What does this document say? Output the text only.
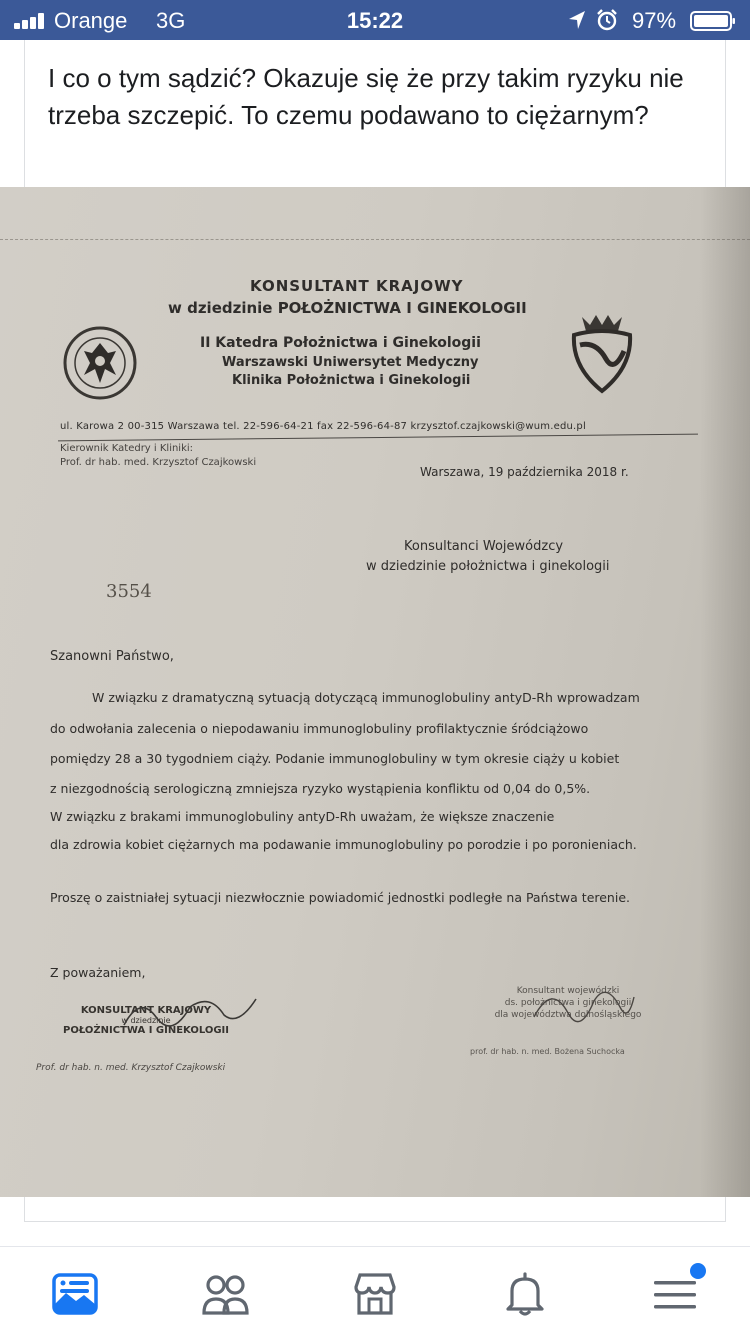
Orange 3G	15:22	97%
I co o tym sądzić? Okazuje się że przy takim ryzyku nie trzeba szczepić. To czemu podawano to ciężarnym?
KONSULTANT KRAJOWY
w dziedzinie POŁOŻNICTWA I GINEKOLOGII
II Katedra Położnictwa i Ginekologii
Warszawski Uniwersytet Medyczny
Klinika Położnictwa i Ginekologii
ul. Karowa 2 00-315 Warszawa tel. 22-596-64-21 fax 22-596-64-87 krzysztof.czajkowski@wum.edu.pl
Kierownik Katedry i Kliniki:
Prof. dr hab. med. Krzysztof Czajkowski
Warszawa, 19 października 2018 r.
Konsultanci Wojewódzcy
w dziedzinie położnictwa i ginekologii
3554
Szanowni Państwo,
W związku z dramatyczną sytuacją dotyczącą immunoglobuliny antyD-Rh wprowadzam
do odwołania zalecenia o niepodawaniu immunoglobuliny profilaktycznie śródciążowo
pomiędzy 28 a 30 tygodniem ciąży. Podanie immunoglobuliny w tym okresie ciąży u kobiet
z niezgodnością serologiczną zmniejsza ryzyko wystąpienia konfliktu od 0,04 do 0,5%.
W związku z brakami immunoglobuliny antyD-Rh uważam, że większe znaczenie
dla zdrowia kobiet ciężarnych ma podawanie immunoglobuliny po porodzie i po poronieniach.
Proszę o zaistniałej sytuacji niezwłocznie powiadomić jednostki podległe na Państwa terenie.
Z poważaniem,
KONSULTANT KRAJOWY
w dziedzinie
POŁOŻNICTWA I GINEKOLOGII
Prof. dr hab. n. med. Krzysztof Czajkowski
Konsultant wojewódzki
ds. położnictwa i ginekologii
dla województwa dolnośląskiego
prof. dr hab. n. med. Bożena Suchocka
